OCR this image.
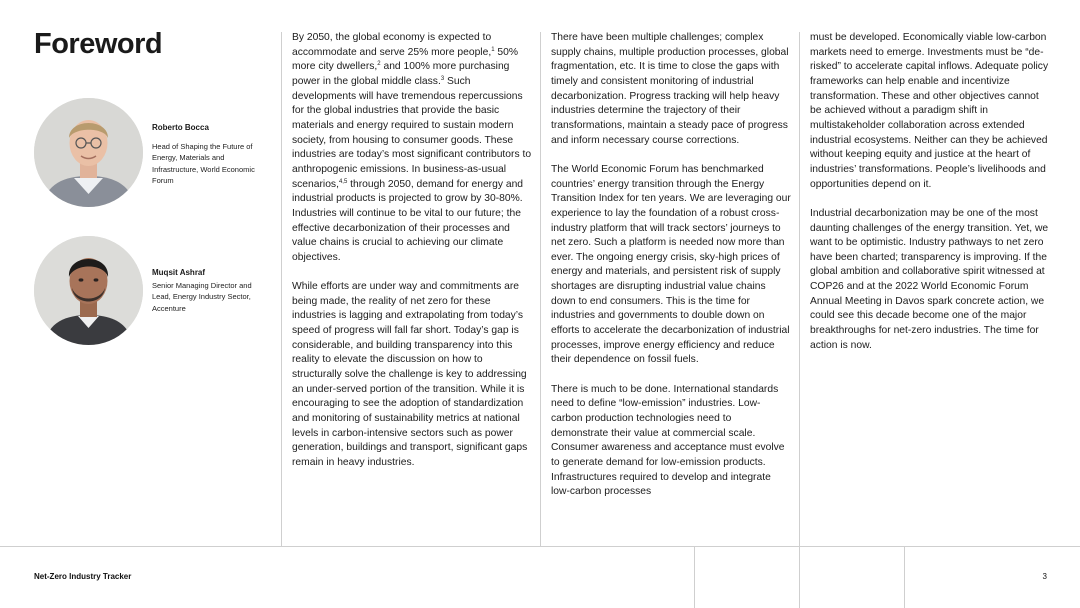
Foreword

Roberto Bocca

Head of Shaping the Future of Energy, Materials and Infrastructure, World Economic Forum

Muqsit Ashraf

Senior Managing Director and Lead, Energy Industry Sector, Accenture

By 2050, the global economy is expected to accommodate and serve 25% more people,$^1$ 50% more city dwellers,$^2$ and 100% more purchasing power in the global middle class.$^3$ Such developments will have tremendous repercussions for the global industries that provide the basic materials and energy required to sustain modern society, from housing to consumer goods. These industries are today’s most significant contributors to anthropogenic emissions. In business-as-usual scenarios,$^{4,5}$ through 2050, demand for energy and industrial products is projected to grow by 30-80%. Industries will continue to be vital to our future; the effective decarbonization of their processes and value chains is crucial to achieving our climate objectives.

While efforts are under way and commitments are being made, the reality of net zero for these industries is lagging and extrapolating from today’s speed of progress will fall far short. Today’s gap is considerable, and building transparency into this reality to elevate the discussion on how to structurally solve the challenge is key to addressing an under-served portion of the transition. While it is encouraging to see the adoption of standardization and monitoring of sustainability metrics at national levels in carbon-intensive sectors such as power generation, buildings and transport, significant gaps remain in heavy industries.

There have been multiple challenges; complex supply chains, multiple production processes, global fragmentation, etc. It is time to close the gaps with timely and consistent monitoring of industrial decarbonization. Progress tracking will help heavy industries determine the trajectory of their transformations, maintain a steady pace of progress and inform necessary course corrections.

The World Economic Forum has benchmarked countries’ energy transition through the Energy Transition Index for ten years. We are leveraging our experience to lay the foundation of a robust cross-industry platform that will track sectors’ journeys to net zero. Such a platform is needed now more than ever. The ongoing energy crisis, sky-high prices of energy and materials, and persistent risk of supply shortages are disrupting industrial value chains down to end consumers. This is the time for industries and governments to double down on efforts to accelerate the decarbonization of industrial processes, improve energy efficiency and reduce their dependence on fossil fuels.

There is much to be done. International standards need to define “low-emission” industries. Low-carbon production technologies need to demonstrate their value at commercial scale. Consumer awareness and acceptance must evolve to generate demand for low-emission products. Infrastructures required to develop and integrate low-carbon processes

must be developed. Economically viable low-carbon markets need to emerge. Investments must be “de-risked” to accelerate capital inflows. Adequate policy frameworks can help enable and incentivize transformation. These and other objectives cannot be achieved without a paradigm shift in multistakeholder collaboration across extended industrial ecosystems. Neither can they be achieved without keeping equity and justice at the heart of industries’ transformations. People’s livelihoods and opportunities depend on it.

Industrial decarbonization may be one of the most daunting challenges of the energy transition. Yet, we want to be optimistic. Industry pathways to net zero have been charted; transparency is improving. If the global ambition and collaborative spirit witnessed at COP26 and at the 2022 World Economic Forum Annual Meeting in Davos spark concrete action, we could see this decade become one of the major breakthroughs for net-zero industries. The time for action is now.

Net-Zero Industry Tracker	3
